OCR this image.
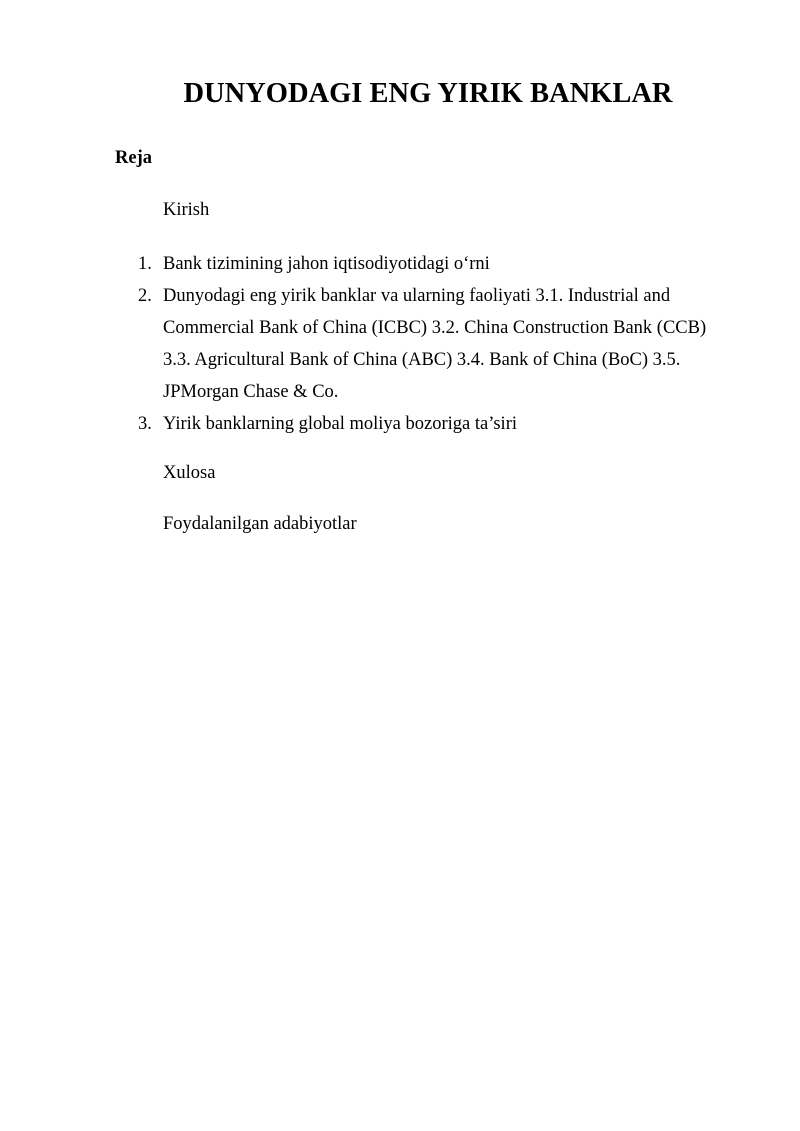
DUNYODAGI ENG YIRIK BANKLAR
Reja
Kirish
1. Bank tizimining jahon iqtisodiyotidagi o‘rni
2. Dunyodagi eng yirik banklar va ularning faoliyati 3.1. Industrial and Commercial Bank of China (ICBC) 3.2. China Construction Bank (CCB) 3.3. Agricultural Bank of China (ABC) 3.4. Bank of China (BoC) 3.5. JPMorgan Chase & Co.
3. Yirik banklarning global moliya bozoriga ta’siri
Xulosa
Foydalanilgan adabiyotlar
